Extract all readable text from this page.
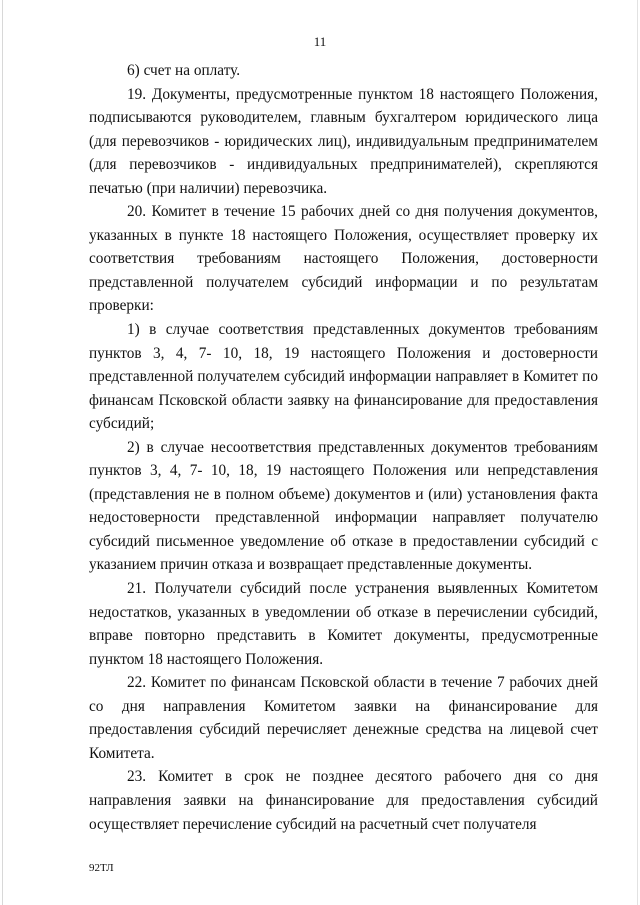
11

6) счет на оплату.

19. Документы, предусмотренные пунктом 18 настоящего Положения, подписываются руководителем, главным бухгалтером юридического лица (для перевозчиков - юридических лиц), индивидуальным предпринимателем (для перевозчиков - индивидуальных предпринимателей), скрепляются печатью (при наличии) перевозчика.

20. Комитет в течение 15 рабочих дней со дня получения документов, указанных в пункте 18 настоящего Положения, осуществляет проверку их соответствия требованиям настоящего Положения, достоверности представленной получателем субсидий информации и по результатам проверки:

1) в случае соответствия представленных документов требованиям пунктов 3, 4, 7- 10, 18, 19 настоящего Положения и достоверности представленной получателем субсидий информации направляет в Комитет по финансам Псковской области заявку на финансирование для предоставления субсидий;

2) в случае несоответствия представленных документов требованиям пунктов 3, 4, 7- 10, 18, 19 настоящего Положения или непредставления (представления не в полном объеме) документов и (или) установления факта недостоверности представленной информации направляет получателю субсидий письменное уведомление об отказе в предоставлении субсидий с указанием причин отказа и возвращает представленные документы.

21. Получатели субсидий после устранения выявленных Комитетом недостатков, указанных в уведомлении об отказе в перечислении субсидий, вправе повторно представить в Комитет документы, предусмотренные пунктом 18 настоящего Положения.

22. Комитет по финансам Псковской области в течение 7 рабочих дней со дня направления Комитетом заявки на финансирование для предоставления субсидий перечисляет денежные средства на лицевой счет Комитета.

23. Комитет в срок не позднее десятого рабочего дня со дня направления заявки на финансирование для предоставления субсидий осуществляет перечисление субсидий на расчетный счет получателя

92ТЛ
